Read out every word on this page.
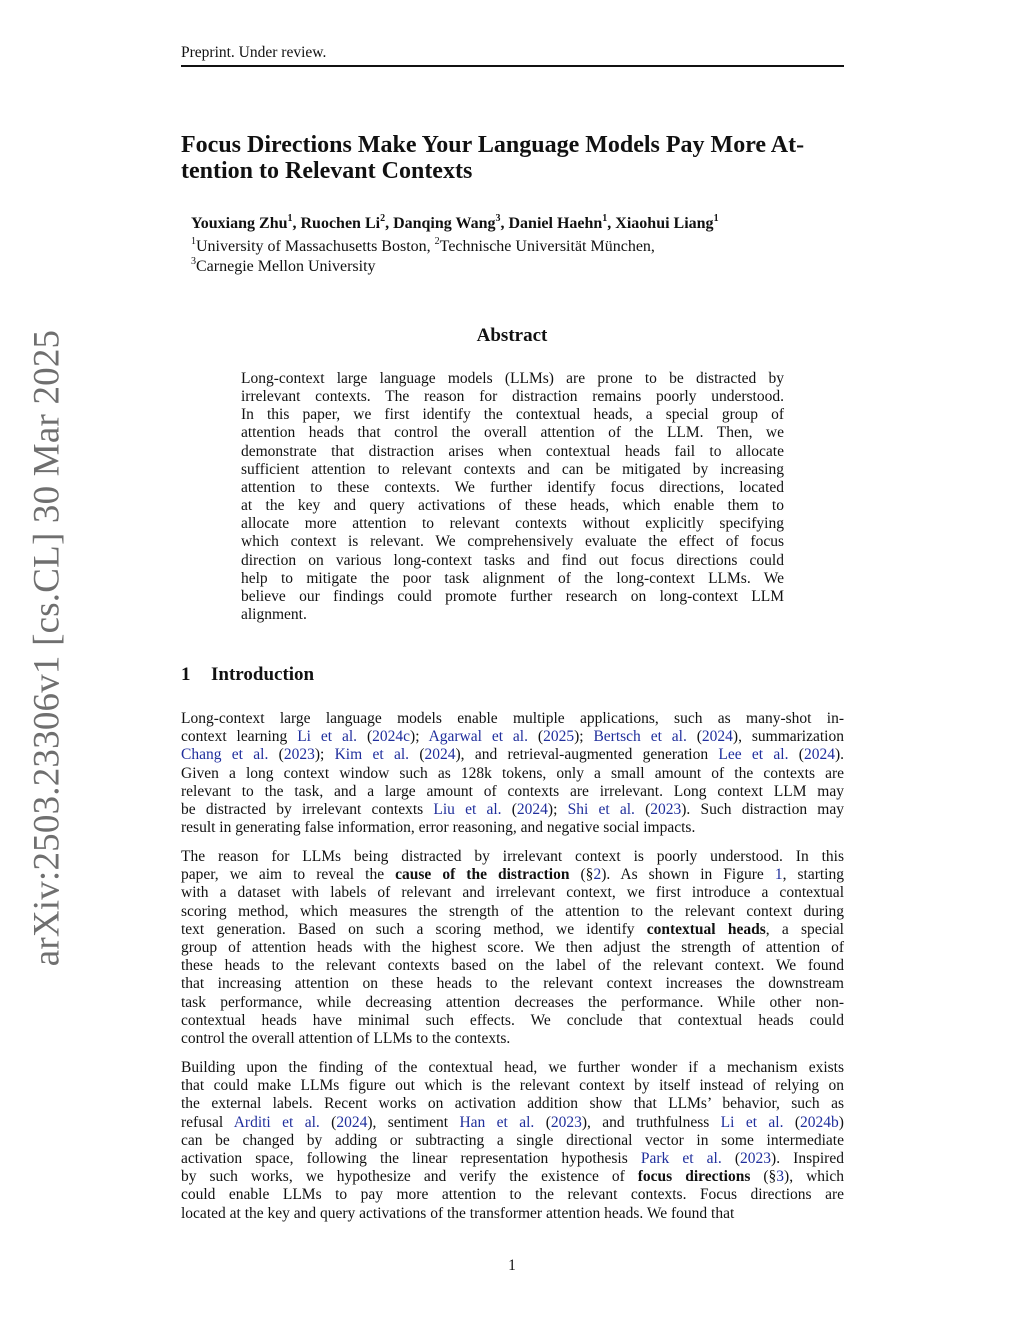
Preprint. Under review.
arXiv:2503.23306v1 [cs.CL] 30 Mar 2025
Focus Directions Make Your Language Models Pay More At-
tention to Relevant Contexts
Youxiang Zhu$^1$, Ruochen Li$^2$, Danqing Wang$^3$, Daniel Haehn$^1$, Xiaohui Liang$^1$
$^1$University of Massachusetts Boston, $^2$Technische Universität München,
$^3$Carnegie Mellon University
Abstract
Long-context large language models (LLMs) are prone to be distracted by
irrelevant contexts. The reason for distraction remains poorly understood.
In this paper, we first identify the contextual heads, a special group of
attention heads that control the overall attention of the LLM. Then, we
demonstrate that distraction arises when contextual heads fail to allocate
sufficient attention to relevant contexts and can be mitigated by increasing
attention to these contexts. We further identify focus directions, located
at the key and query activations of these heads, which enable them to
allocate more attention to relevant contexts without explicitly specifying
which context is relevant. We comprehensively evaluate the effect of focus
direction on various long-context tasks and find out focus directions could
help to mitigate the poor task alignment of the long-context LLMs. We
believe our findings could promote further research on long-context LLM
alignment.
1 Introduction
Long-context large language models enable multiple applications, such as many-shot in-
context learning Li et al. (2024c); Agarwal et al. (2025); Bertsch et al. (2024), summarization
Chang et al. (2023); Kim et al. (2024), and retrieval-augmented generation Lee et al. (2024).
Given a long context window such as 128k tokens, only a small amount of the contexts are
relevant to the task, and a large amount of contexts are irrelevant. Long context LLM may
be distracted by irrelevant contexts Liu et al. (2024); Shi et al. (2023). Such distraction may
result in generating false information, error reasoning, and negative social impacts.
The reason for LLMs being distracted by irrelevant context is poorly understood. In this
paper, we aim to reveal the cause of the distraction (§2). As shown in Figure 1, starting
with a dataset with labels of relevant and irrelevant context, we first introduce a contextual
scoring method, which measures the strength of the attention to the relevant context during
text generation. Based on such a scoring method, we identify contextual heads, a special
group of attention heads with the highest score. We then adjust the strength of attention of
these heads to the relevant contexts based on the label of the relevant context. We found
that increasing attention on these heads to the relevant context increases the downstream
task performance, while decreasing attention decreases the performance. While other non-
contextual heads have minimal such effects. We conclude that contextual heads could
control the overall attention of LLMs to the contexts.
Building upon the finding of the contextual head, we further wonder if a mechanism exists
that could make LLMs figure out which is the relevant context by itself instead of relying on
the external labels. Recent works on activation addition show that LLMs’ behavior, such as
refusal Arditi et al. (2024), sentiment Han et al. (2023), and truthfulness Li et al. (2024b)
can be changed by adding or subtracting a single directional vector in some intermediate
activation space, following the linear representation hypothesis Park et al. (2023). Inspired
by such works, we hypothesize and verify the existence of focus directions (§3), which
could enable LLMs to pay more attention to the relevant contexts. Focus directions are
located at the key and query activations of the transformer attention heads. We found that
1
